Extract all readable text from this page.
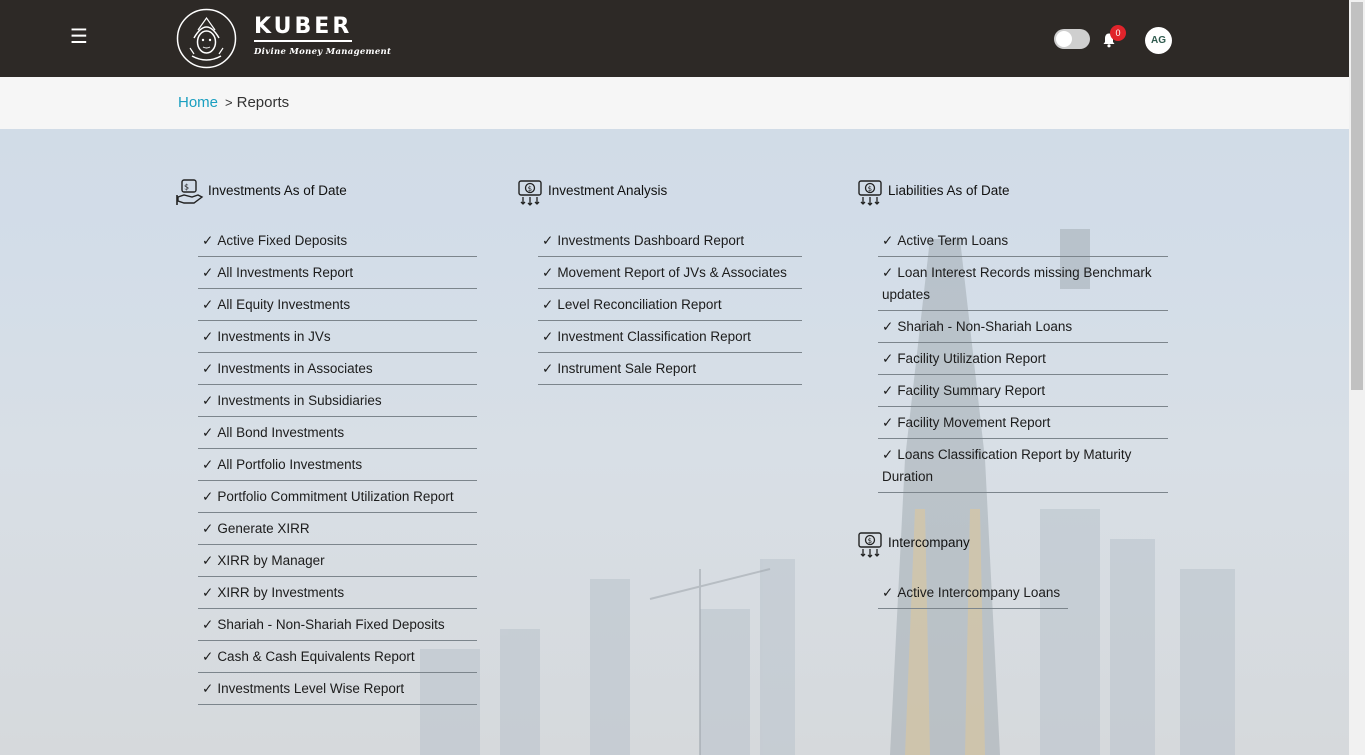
☰	KUBER
Divine Money Management
0
AG
Home > Reports
$ Investments As of Date
✓ Active Fixed Deposits
✓ All Investments Report
✓ All Equity Investments
✓ Investments in JVs
✓ Investments in Associates
✓ Investments in Subsidiaries
✓ All Bond Investments
✓ All Portfolio Investments
✓ Portfolio Commitment Utilization Report
✓ Generate XIRR
✓ XIRR by Manager
✓ XIRR by Investments
✓ Shariah - Non-Shariah Fixed Deposits
✓ Cash & Cash Equivalents Report
✓ Investments Level Wise Report
$ Investment Analysis
✓ Investments Dashboard Report
✓ Movement Report of JVs & Associates
✓ Level Reconciliation Report
✓ Investment Classification Report
✓ Instrument Sale Report
$ Liabilities As of Date
✓ Active Term Loans
✓ Loan Interest Records missing Benchmark updates
✓ Shariah - Non-Shariah Loans
✓ Facility Utilization Report
✓ Facility Summary Report
✓ Facility Movement Report
✓ Loans Classification Report by Maturity Duration
$ Intercompany
✓ Active Intercompany Loans
